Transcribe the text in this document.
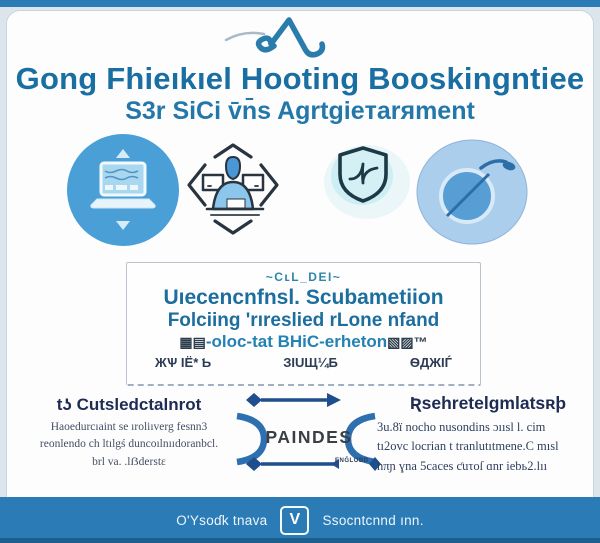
Gong Fhieıkıel Hooting Booskingntiee
S3r SiCi v̄n̄s Agrtgieтarяment
~CʟL_DEI~
Uıecencnfnsl. Scubametiion
Folciing 'rıreslied rLone nfand
▦▤-oloc-tat BHiC-erheton▧▨™
ЖѰ ІЁ* Ƅ	ЗIUЩ¼Б	ѲДЖІЃ
tʖ Cutsledctalnrot

Haoedurcıaint se ıroliıverg fesnn3

reonlendo ch ltılgś duncoılnııdoranbcl.

brl va. .lẞderstɛ

PAINDES
ENĞLOBD
Ʀsehretelgmlatsʀþ

3u.8ï nocho nusondins ɔıısl l. cim

tı2ovc locrian t tranlutıtmene.C mısl

hπɲ ɣna 5caces ƈuτoſ ɑnr iebь2.lıı

O'Ysoɗk tnava V Ssocntcnnd ınn.
